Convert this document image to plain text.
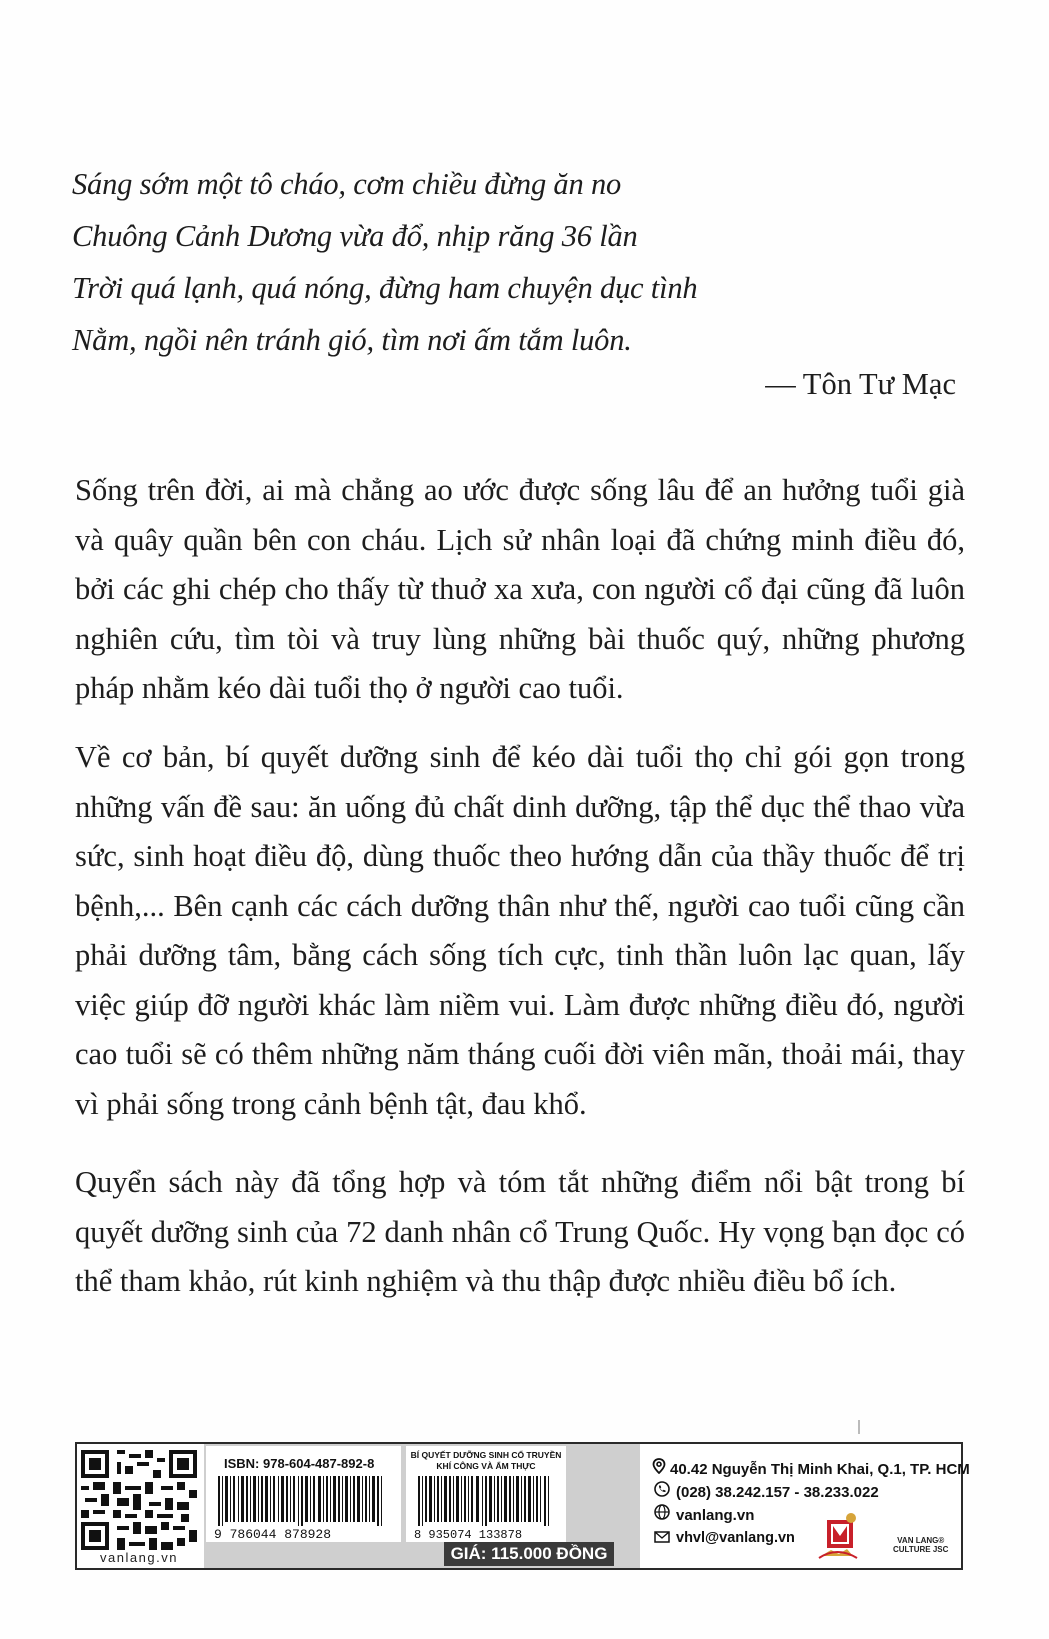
Sáng sớm một tô cháo, cơm chiều đừng ăn no
Chuông Cảnh Dương vừa đổ, nhịp răng 36 lần
Trời quá lạnh, quá nóng, đừng ham chuyện dục tình
Nằm, ngồi nên tránh gió, tìm nơi ấm tắm luôn.
— Tôn Tư Mạc
Sống trên đời, ai mà chẳng ao ước được sống lâu để an hưởng tuổi già và quây quần bên con cháu. Lịch sử nhân loại đã chứng minh điều đó, bởi các ghi chép cho thấy từ thuở xa xưa, con người cổ đại cũng đã luôn nghiên cứu, tìm tòi và truy lùng những bài thuốc quý, những phương pháp nhằm kéo dài tuổi thọ ở người cao tuổi.
Về cơ bản, bí quyết dưỡng sinh để kéo dài tuổi thọ chỉ gói gọn trong những vấn đề sau: ăn uống đủ chất dinh dưỡng, tập thể dục thể thao vừa sức, sinh hoạt điều độ, dùng thuốc theo hướng dẫn của thầy thuốc để trị bệnh,... Bên cạnh các cách dưỡng thân như thế, người cao tuổi cũng cần phải dưỡng tâm, bằng cách sống tích cực, tinh thần luôn lạc quan, lấy việc giúp đỡ người khác làm niềm vui. Làm được những điều đó, người cao tuổi sẽ có thêm những năm tháng cuối đời viên mãn, thoải mái, thay vì phải sống trong cảnh bệnh tật, đau khổ.
Quyển sách này đã tổng hợp và tóm tắt những điểm nổi bật trong bí quyết dưỡng sinh của 72 danh nhân cổ Trung Quốc. Hy vọng bạn đọc có thể tham khảo, rút kinh nghiệm và thu thập được nhiều điều bổ ích.
vanlang.vn
ISBN: 978-604-487-892-8
9 786044 878928
BÍ QUYẾT DƯỠNG SINH CỔ TRUYỀN KHÍ CÔNG VÀ ẨM THỰC
8 935074 133878
GIÁ: 115.000 ĐỒNG
40.42 Nguyễn Thị Minh Khai, Q.1, TP. HCM
(028) 38.242.157 - 38.233.022
vanlang.vn
vhvl@vanlang.vn	VAN LANG®
CULTURE JSC
